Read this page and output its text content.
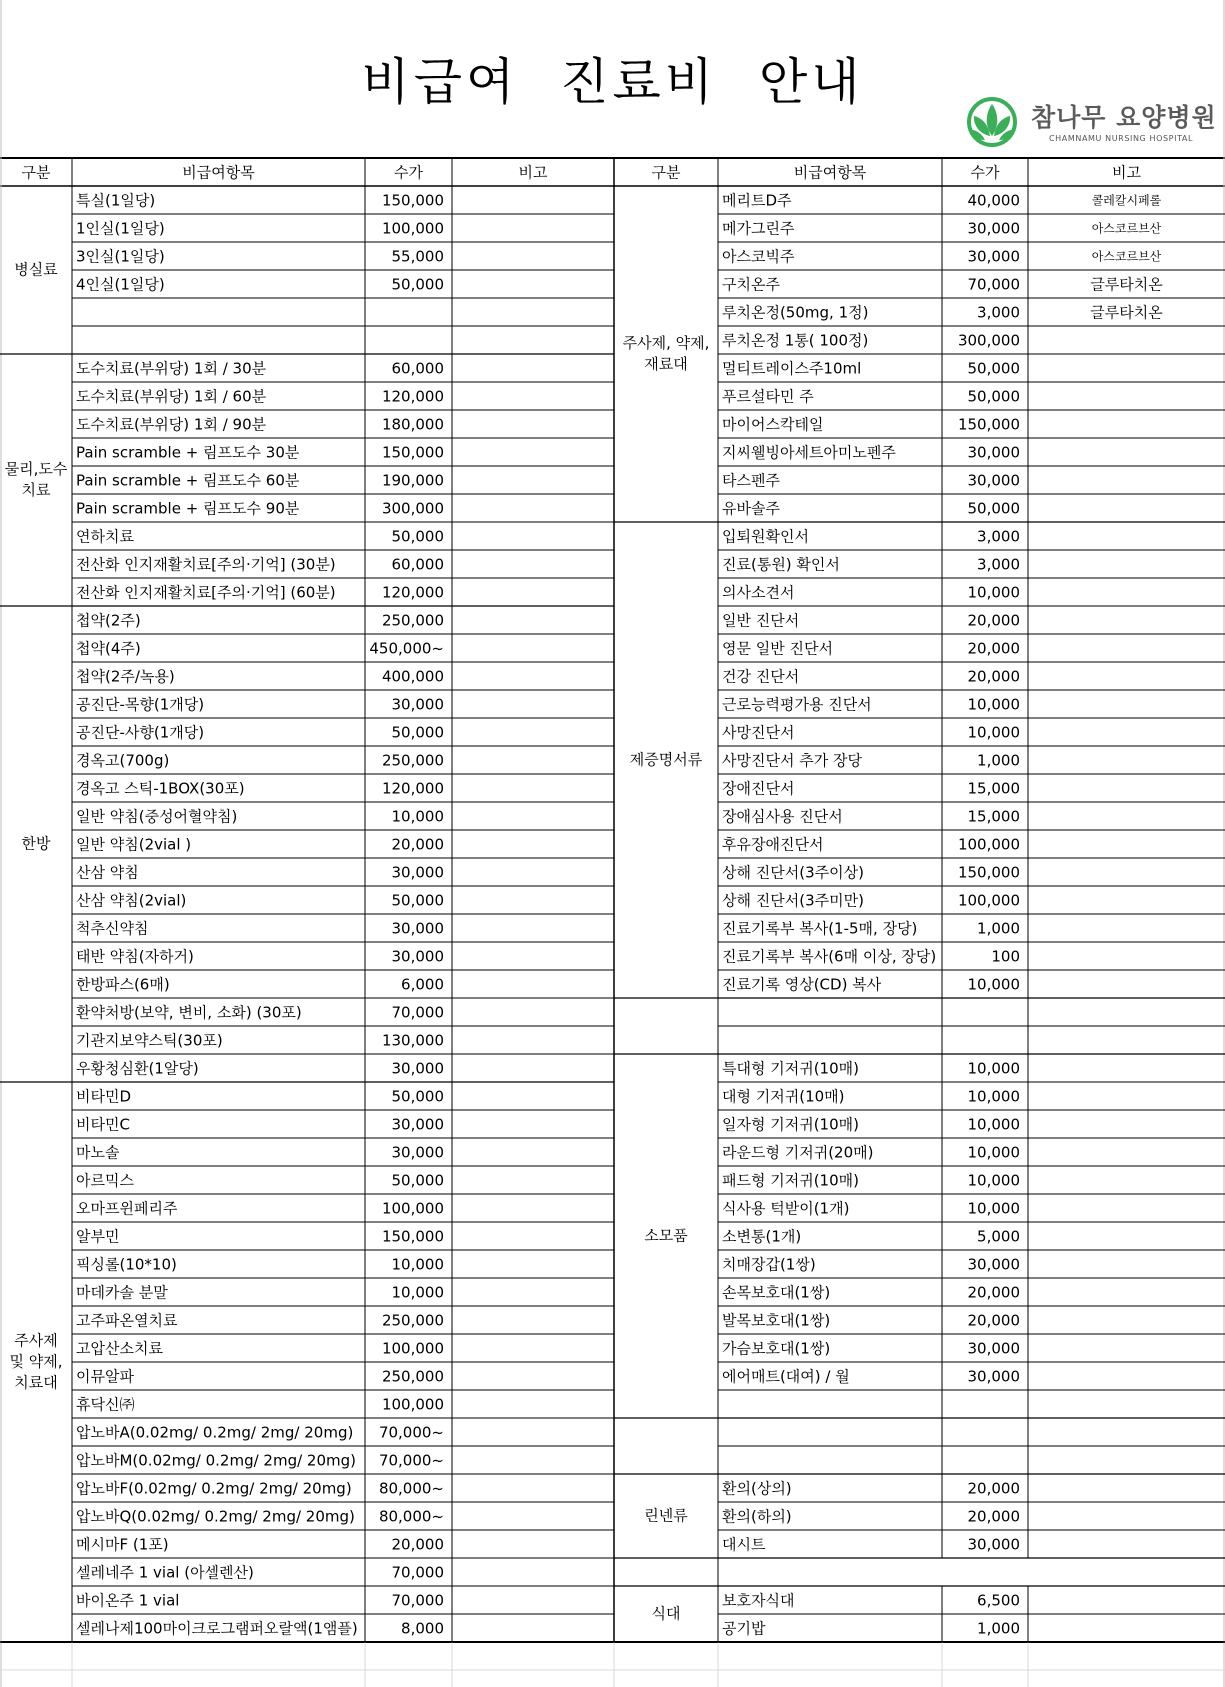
비급여 진료비 안내
참나무 요양병원
CHAMNAMU NURSING HOSPITAL
구분	비급여항목	수가	비고	구분	비급여항목	수가	비고
병실료
특실(1일당)	150,000
1인실(1일당)	100,000
3인실(1일당)	55,000
4인실(1일당)	50,000
물리,도수
치료
도수치료(부위당) 1회 / 30분	60,000
도수치료(부위당) 1회 / 60분	120,000
도수치료(부위당) 1회 / 90분	180,000
Pain scramble + 림프도수 30분	150,000
Pain scramble + 림프도수 60분	190,000
Pain scramble + 림프도수 90분	300,000
연하치료	50,000
전산화 인지재활치료[주의·기억] (30분)	60,000
전산화 인지재활치료[주의·기억] (60분)	120,000
한방
첩약(2주)	250,000
첩약(4주)	450,000~
첩약(2주/녹용)	400,000
공진단-목향(1개당)	30,000
공진단-사향(1개당)	50,000
경옥고(700g)	250,000
경옥고 스틱-1BOX(30포)	120,000
일반 약침(중성어혈약침)	10,000
일반 약침(2vial )	20,000
산삼 약침	30,000
산삼 약침(2vial)	50,000
척추신약침	30,000
태반 약침(자하거)	30,000
한방파스(6매)	6,000
환약처방(보약, 변비, 소화) (30포)	70,000
기관지보약스틱(30포)	130,000
우황청심환(1알당)	30,000
주사제
및 약제,
치료대
비타민D	50,000
비타민C	30,000
마노솔	30,000
아르믹스	50,000
오마프윈페리주	100,000
알부민	150,000
픽싱롤(10*10)	10,000
마데카솔 분말	10,000
고주파온열치료	250,000
고압산소치료	100,000
이뮤알파	250,000
휴닥신㈜	100,000
압노바A(0.02mg/ 0.2mg/ 2mg/ 20mg) 70,000~
압노바M(0.02mg/ 0.2mg/ 2mg/ 20mg) 70,000~
압노바F(0.02mg/ 0.2mg/ 2mg/ 20mg) 80,000~
압노바Q(0.02mg/ 0.2mg/ 2mg/ 20mg) 80,000~
메시마F (1포)	20,000
셀레네주 1 vial (아셀렌산)	70,000
바이온주 1 vial	70,000
셀레나제100마이크로그램퍼오랄액(1앰플)	8,000
주사제, 약제,
재료대
메리트D주	40,000	콜레칼시페롤
메가그린주	30,000	아스코르브산
아스코빅주	30,000	아스코르브산
구치온주	70,000	글루타치온
루치온정(50mg, 1정)	3,000	글루타치온
루치온정 1통( 100정)	300,000
멀티트레이스주10ml	50,000
푸르설타민 주	50,000
마이어스칵테일	150,000
지씨웰빙아세트아미노펜주	30,000
타스펜주	30,000
유바솔주	50,000
제증명서류
입퇴원확인서	3,000
진료(통원) 확인서	3,000
의사소견서	10,000
일반 진단서	20,000
영문 일반 진단서	20,000
건강 진단서	20,000
근로능력평가용 진단서	10,000
사망진단서	10,000
사망진단서 추가 장당	1,000
장애진단서	15,000
장애심사용 진단서	15,000
후유장애진단서	100,000
상해 진단서(3주이상)	150,000
상해 진단서(3주미만)	100,000
진료기록부 복사(1-5매, 장당)	1,000
진료기록부 복사(6매 이상, 장당)	100
진료기록 영상(CD) 복사	10,000
소모품
특대형 기저귀(10매)	10,000
대형 기저귀(10매)	10,000
일자형 기저귀(10매)	10,000
라운드형 기저귀(20매)	10,000
패드형 기저귀(10매)	10,000
식사용 턱받이(1개)	10,000
소변통(1개)	5,000
치매장갑(1쌍)	30,000
손목보호대(1쌍)	20,000
발목보호대(1쌍)	20,000
가슴보호대(1쌍)	30,000
에어매트(대여) / 월	30,000
린넨류
환의(상의)	20,000
환의(하의)	20,000
대시트	30,000
식대
보호자식대	6,500
공기밥	1,000
